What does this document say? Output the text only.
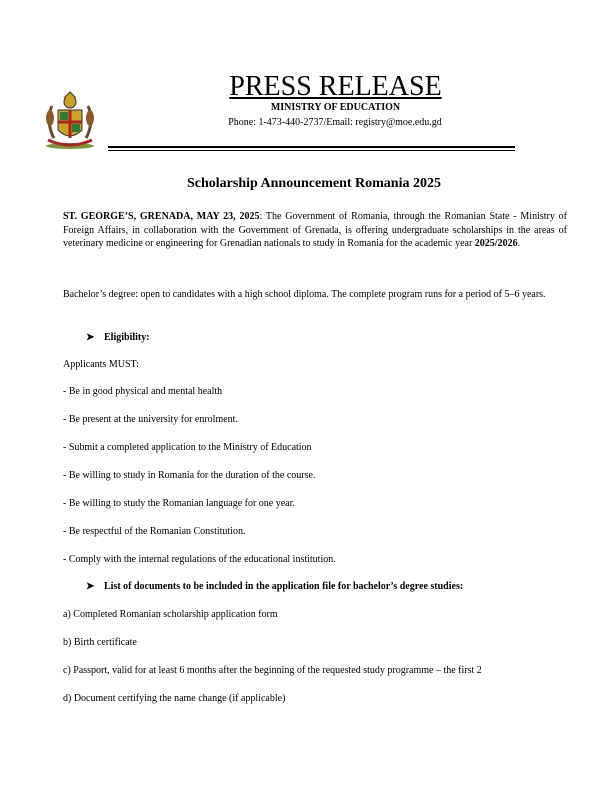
PRESS RELEASE
MINISTRY OF EDUCATION
Phone: 1-473-440-2737/Email: registry@moe.edu.gd
Scholarship Announcement Romania 2025
ST. GEORGE’S, GRENADA, MAY 23, 2025: The Government of Romania, through the Romanian State - Ministry of Foreign Affairs, in collaboration with the Government of Grenada, is offering undergraduate scholarships in the areas of veterinary medicine or engineering for Grenadian nationals to study in Romania for the academic year 2025/2026.
Bachelor’s degree: open to candidates with a high school diploma. The complete program runs for a period of 5–6 years.
➤ Eligibility:
Applicants MUST:
- Be in good physical and mental health
- Be present at the university for enrolment.
- Submit a completed application to the Ministry of Education
- Be willing to study in Romania for the duration of the course.
- Be willing to study the Romanian language for one year.
- Be respectful of the Romanian Constitution.
- Comply with the internal regulations of the educational institution.
➤ List of documents to be included in the application file for bachelor’s degree studies:
a) Completed Romanian scholarship application form
b) Birth certificate
c) Passport, valid for at least 6 months after the beginning of the requested study programme – the first 2
d) Document certifying the name change (if applicable)
